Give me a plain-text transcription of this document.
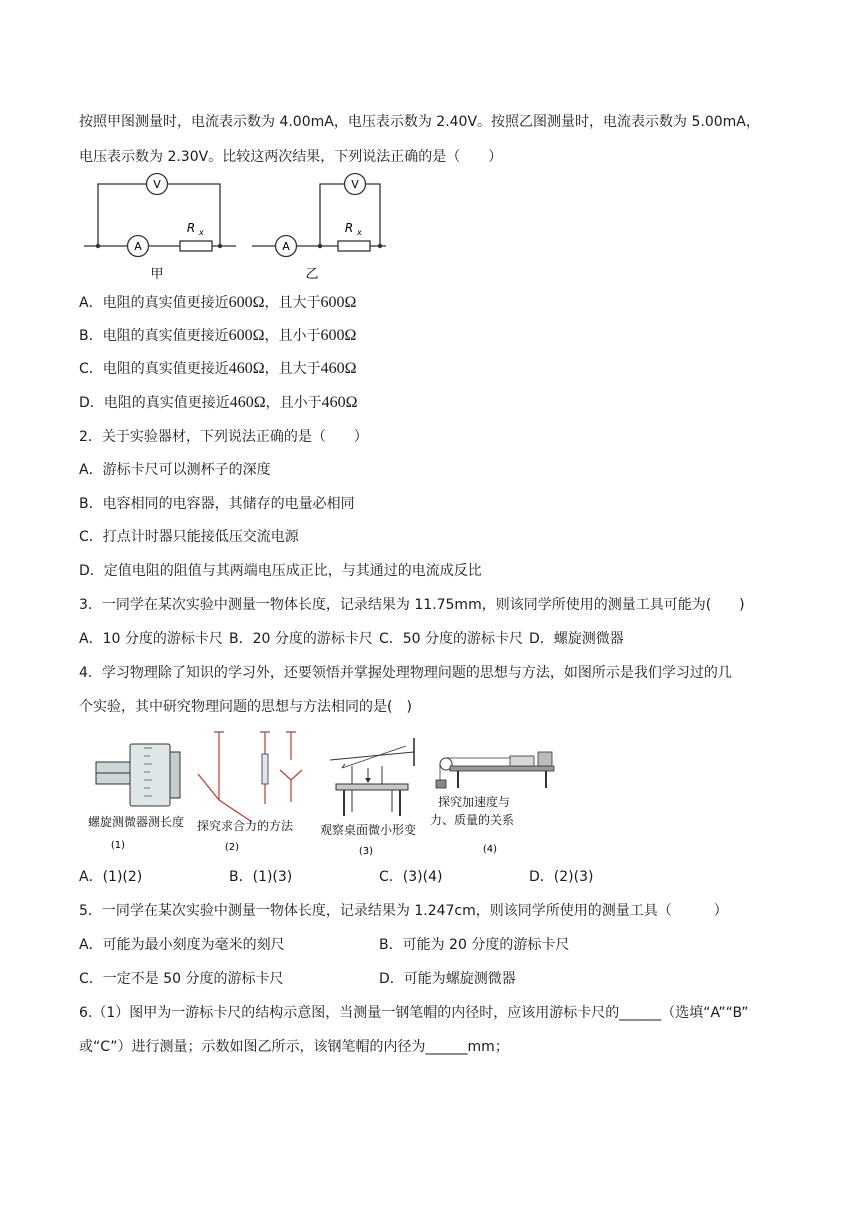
按照甲图测量时，电流表示数为 4.00mA，电压表示数为 2.40V。按照乙图测量时，电流表示数为 5.00mA，
电压表示数为 2.30V。比较这两次结果，下列说法正确的是（　　）
V
A
R x
A
V
R x
甲	乙
A．电阻的真实值更接近600Ω，且大于600Ω
B．电阻的真实值更接近600Ω，且小于600Ω
C．电阻的真实值更接近460Ω，且大于460Ω
D．电阻的真实值更接近460Ω，且小于460Ω
2．关于实验器材，下列说法正确的是（　　）
A．游标卡尺可以测杯子的深度
B．电容相同的电容器，其储存的电量必相同
C．打点计时器只能接低压交流电源
D．定值电阻的阻值与其两端电压成正比，与其通过的电流成反比
3．一同学在某次实验中测量一物体长度，记录结果为 11.75mm，则该同学所使用的测量工具可能为(　　)
A．10 分度的游标卡尺 B．20 分度的游标卡尺 C．50 分度的游标卡尺 D．螺旋测微器
4．学习物理除了知识的学习外，还要领悟并掌握处理物理问题的思想与方法，如图所示是我们学习过的几
个实验，其中研究物理问题的思想与方法相同的是(　)
螺旋测微器测长度
(1)
探究求合力的方法
(2)
观察桌面微小形变
(3)
探究加速度与
力、质量的关系
(4)
A．(1)(2)	B．(1)(3)	C．(3)(4)	D．(2)(3)
5．一同学在某次实验中测量一物体长度，记录结果为 1.247cm，则该同学所使用的测量工具（　　　）
A．可能为最小刻度为毫米的刻尺	B．可能为 20 分度的游标卡尺
C．一定不是 50 分度的游标卡尺	D．可能为螺旋测微器
6.（1）图甲为一游标卡尺的结构示意图，当测量一钢笔帽的内径时，应该用游标卡尺的______（选填“A”“B”
或“C”）进行测量；示数如图乙所示，该钢笔帽的内径为______mm；
